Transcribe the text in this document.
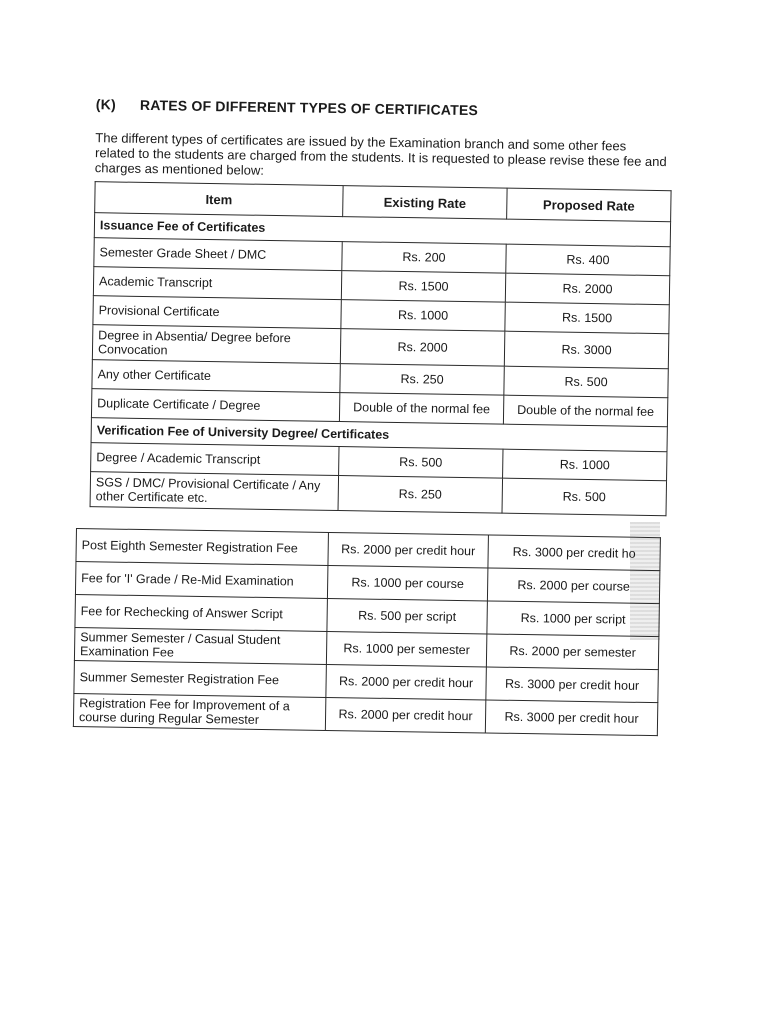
(K) RATES OF DIFFERENT TYPES OF CERTIFICATES

The different types of certificates are issued by the Examination branch and some other fees related to the students are charged from the students. It is requested to please revise these fee and charges as mentioned below:

Item	Existing Rate	Proposed Rate
Issuance Fee of Certificates		
Semester Grade Sheet / DMC	Rs. 200	Rs. 400
Academic Transcript	Rs. 1500	Rs. 2000
Provisional Certificate	Rs. 1000	Rs. 1500
Degree in Absentia/ Degree before Convocation	Rs. 2000	Rs. 3000
Any other Certificate	Rs. 250	Rs. 500
Duplicate Certificate / Degree	Double of the normal fee	Double of the normal fee
Verification Fee of University Degree/ Certificates		
Degree / Academic Transcript	Rs. 500	Rs. 1000
SGS / DMC/ Provisional Certificate / Any other Certificate etc.	Rs. 250	Rs. 500
Post Eighth Semester Registration Fee	Rs. 2000 per credit hour	Rs. 3000 per credit ho
Fee for 'I' Grade / Re-Mid Examination	Rs. 1000 per course	Rs. 2000 per course
Fee for Rechecking of Answer Script	Rs. 500 per script	Rs. 1000 per script
Summer Semester / Casual Student Examination Fee	Rs. 1000 per semester	Rs. 2000 per semester
Summer Semester Registration Fee	Rs. 2000 per credit hour	Rs. 3000 per credit hour
Registration Fee for Improvement of a course during Regular Semester	Rs. 2000 per credit hour	Rs. 3000 per credit hour
